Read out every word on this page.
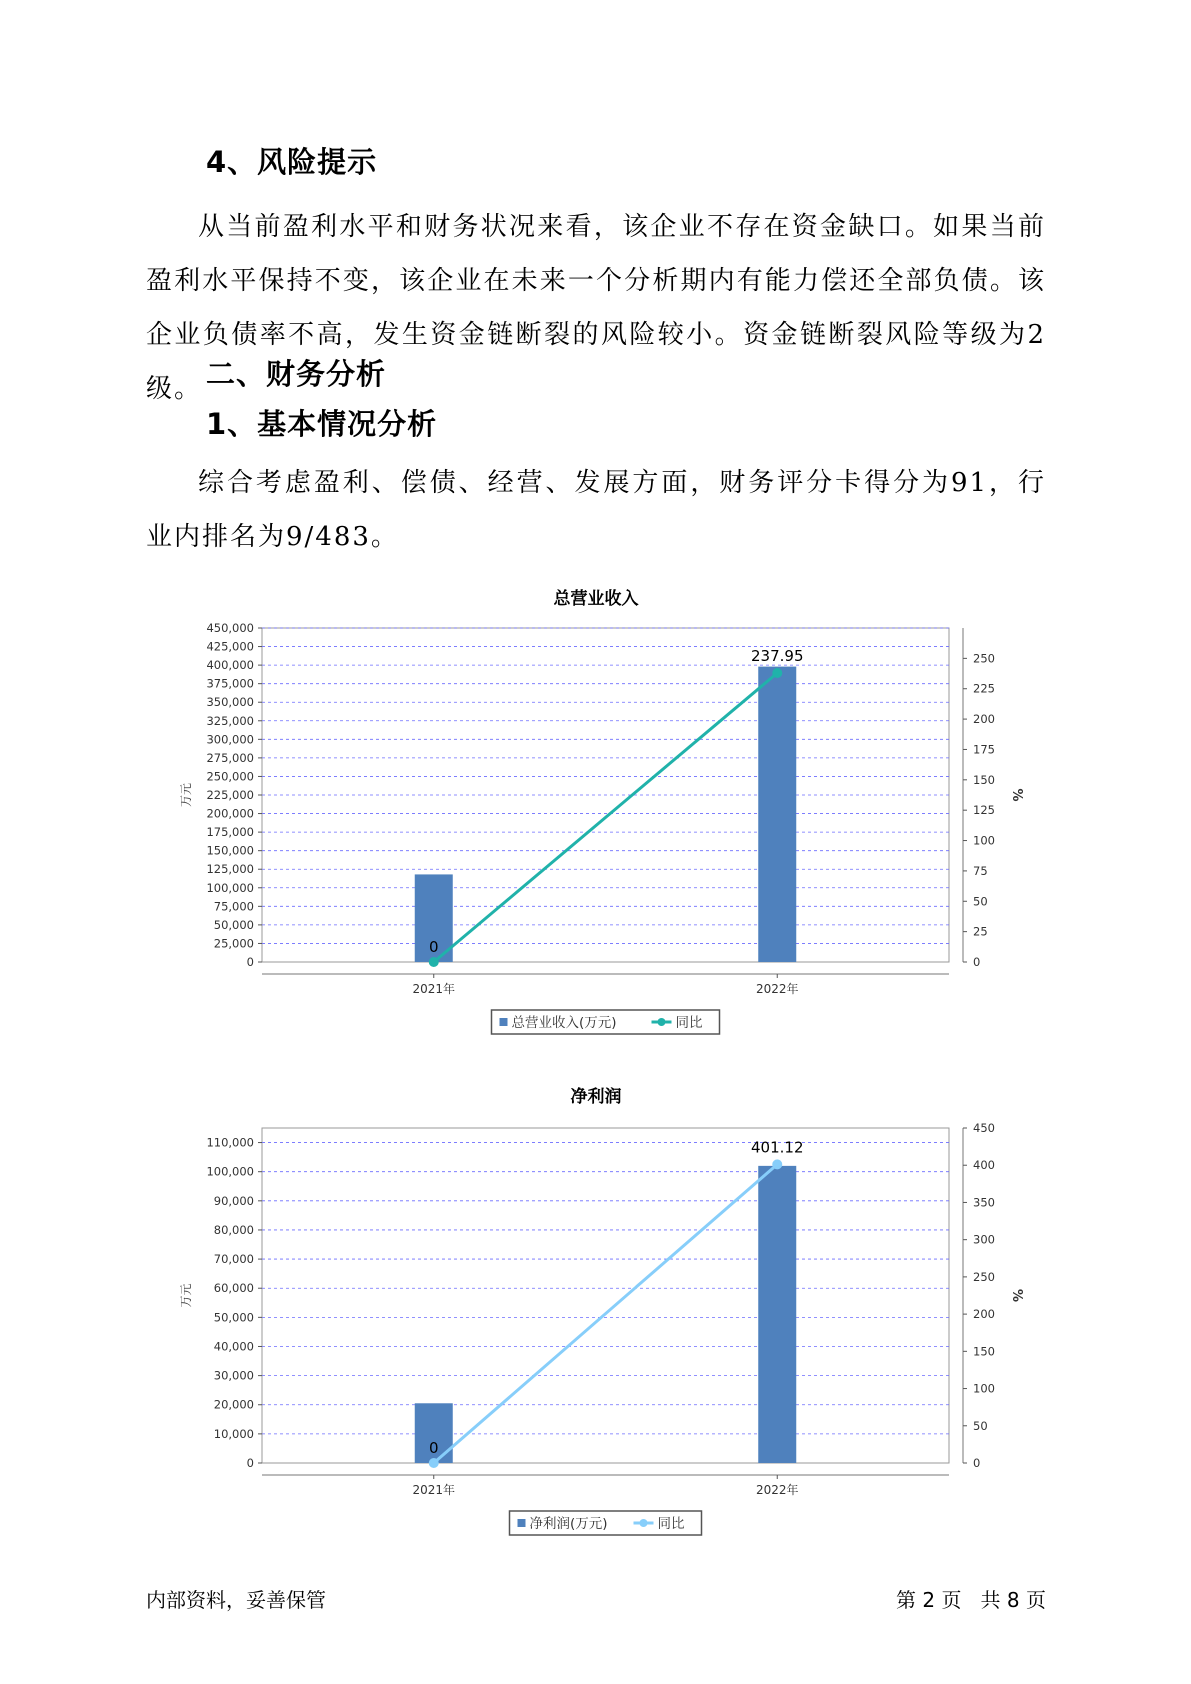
4、风险提示

从当前盈利水平和财务状况来看，该企业不存在资金缺口。如果当前盈利水平保持不变，该企业在未来一个分析期内有能力偿还全部负债。该企业负债率不高，发生资金链断裂的风险较小。资金链断裂风险等级为2级。 二、财务分析
1、基本情况分析

综合考虑盈利、偿债、经营、发展方面，财务评分卡得分为91，行业内排名为9/483。

总营业收入
0
25,000
50,000
75,000
100,000
125,000
150,000
175,000
200,000
225,000
250,000
275,000
300,000
325,000
350,000
375,000
400,000
425,000
450,000
0
25
50
75
100
125
150
175
200
225
250
万元	%
2021年	2022年
0
237.95
总营业收入(万元)	同比
净利润
0
10,000
20,000
30,000
40,000
50,000
60,000
70,000
80,000
90,000
100,000
110,000
0
50
100
150
200
250
300
350
400
450
万元	%
2021年	2022年
0
401.12
净利润(万元)	同比
内部资料，妥善保管	第 2 页   共 8 页
